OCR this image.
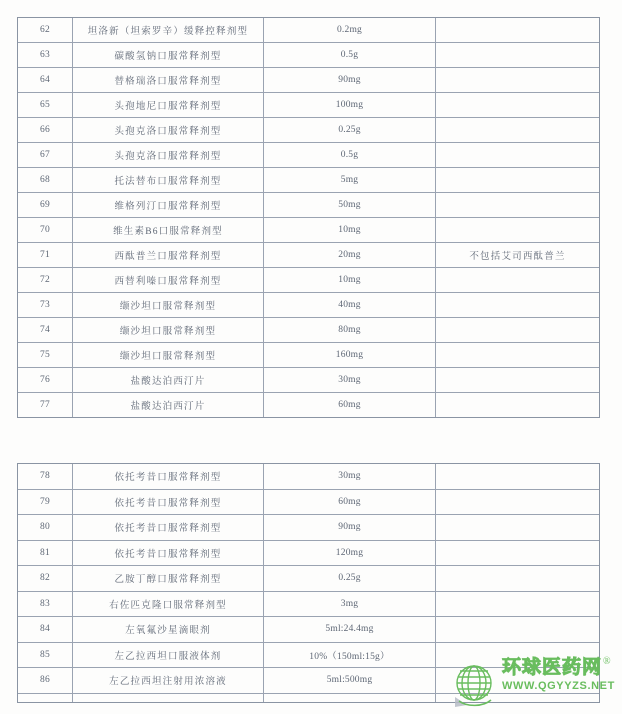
62	坦洛新（坦索罗辛）缓释控释剂型	0.2mg
63	碳酸氢钠口服常释剂型	0.5g
64	替格瑞洛口服常释剂型	90mg
65	头孢地尼口服常释剂型	100mg
66	头孢克洛口服常释剂型	0.25g
67	头孢克洛口服常释剂型	0.5g
68	托法替布口服常释剂型	5mg
69	维格列汀口服常释剂型	50mg
70	维生素B6口服常释剂型	10mg
71	西酞普兰口服常释剂型	20mg	不包括艾司西酞普兰
72	西替利嗪口服常释剂型	10mg
73	缬沙坦口服常释剂型	40mg
74	缬沙坦口服常释剂型	80mg
75	缬沙坦口服常释剂型	160mg
76	盐酸达泊西汀片	30mg
77	盐酸达泊西汀片	60mg
78	依托考昔口服常释剂型	30mg
79	依托考昔口服常释剂型	60mg
80	依托考昔口服常释剂型	90mg
81	依托考昔口服常释剂型	120mg
82	乙胺丁醇口服常释剂型	0.25g
83	右佐匹克隆口服常释剂型	3mg
84	左氧氟沙星滴眼剂	5ml:24.4mg
85	左乙拉西坦口服液体剂	10%（150ml:15g）
86	左乙拉西坦注射用浓溶液	5ml:500mg
环球医药网®
WWW.QGYYZS.NET
